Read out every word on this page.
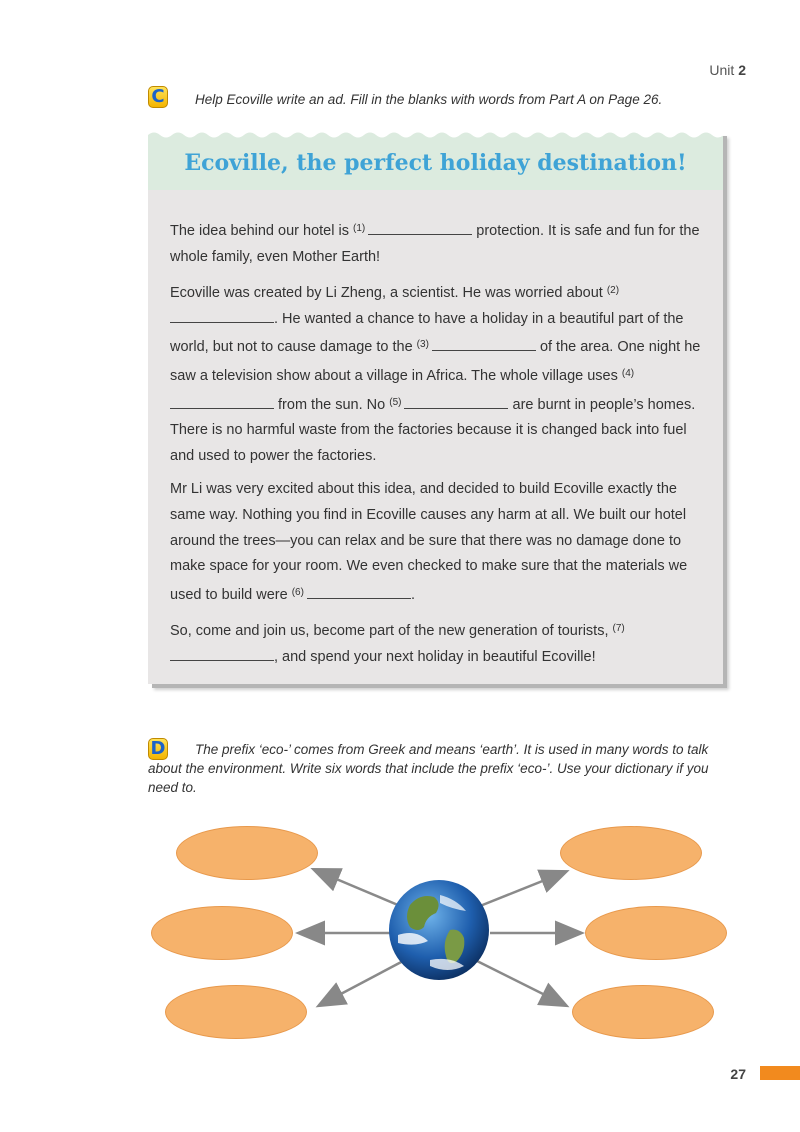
Unit 2
C Help Ecoville write an ad. Fill in the blanks with words from Part A on Page 26.
Ecoville, the perfect holiday destination!

The idea behind our hotel is $^{(1)}$	protection. It is safe and fun for the whole family, even Mother Earth!

Ecoville was created by Li Zheng, a scientist. He was worried about $^{(2)}$. He wanted a chance to have a holiday in a beautiful part of the world, but not to cause damage to the $^{(3)}$	of the area. One night he saw a television show about a village in Africa. The whole village uses $^{(4)}$ from the sun. No $^{(5)}$	are burnt in people’s homes. There is no harmful waste from the factories because it is changed back into fuel and used to power the factories.

Mr Li was very excited about this idea, and decided to build Ecoville exactly the same way. Nothing you find in Ecoville causes any harm at all. We built our hotel around the trees—you can relax and be sure that there was no damage done to make space for your room. We even checked to make sure that the materials we used to build were $^{(6)}$	.

So, come and join us, become part of the new generation of tourists, $^{(7)}$, and spend your next holiday in beautiful Ecoville!

D	The prefix ‘eco-’ comes from Greek and means ‘earth’. It is used in many words to talk about the environment. Write six words that include the prefix ‘eco-’. Use your dictionary if you need to.
27
